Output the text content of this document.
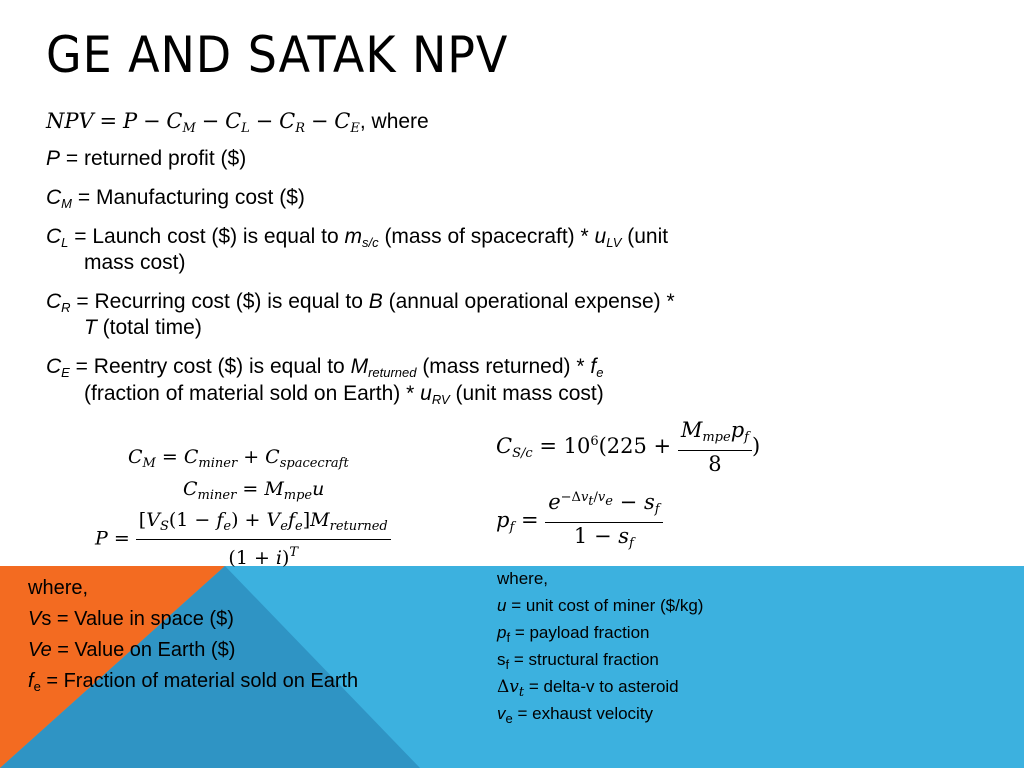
GE AND SATAK NPV
NPV = $P - C_M - C_L - C_R - C_E$, where
P = returned profit ($)
$C_M$ = Manufacturing cost ($)
$C_L$ = Launch cost ($) is equal to $m_{s/c}$ (mass of spacecraft) * $u_{LV}$ (unit
mass cost)
$C_R$ = Recurring cost ($) is equal to B (annual operational expense) *
T (total time)
$C_E$ = Reentry cost ($) is equal to $M_{returned}$ (mass returned) * $f_e$
(fraction of material sold on Earth) * $u_{RV}$ (unit mass cost)
$C_M = C_{miner} + C_{spacecraft}$
$C_{miner} = M_{mpe}u$
$P = \frac{[V_S(1 - f_e) + V_ef_e]M_{returned}}{(1 + i)^T}$
$C_{S/c} = 10^6(225 + \frac{M_{mpe}p_f}{8}$ )
$p_f = \frac{e^{-\Delta v_t/v_e} - s_f}{1 - s_f}$
where,
Vs = Value in space ($)
Ve = Value on Earth ($)
$f_e$ = Fraction of material sold on Earth
where,
u = unit cost of miner ($/kg)
$p_f$ = payload fraction
$s_f$ = structural fraction
$\Delta v_t$ = delta-v to asteroid
$v_e$ = exhaust velocity
